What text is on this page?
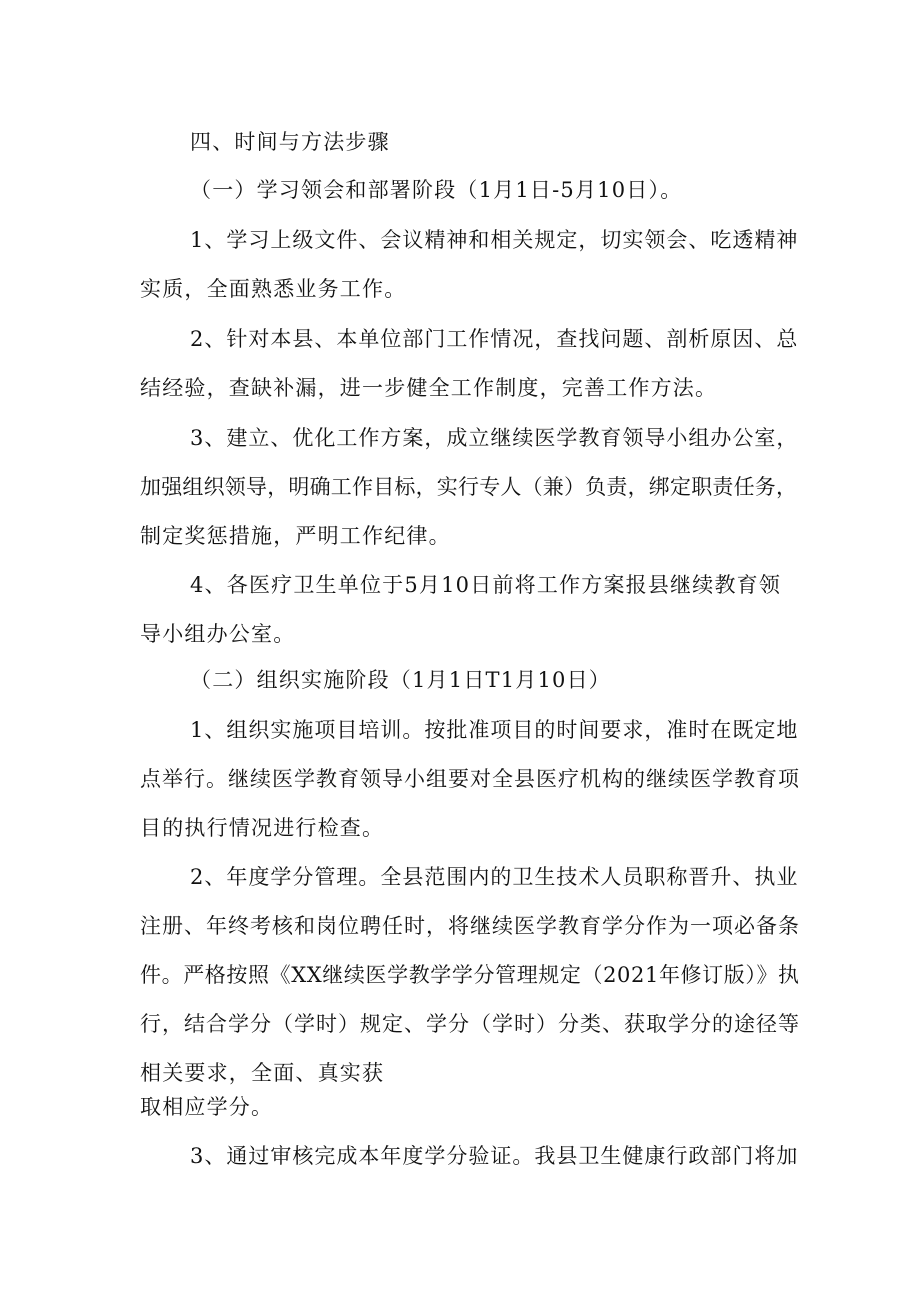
四、时间与方法步骤
（一）学习领会和部署阶段（1月1日-5月10日）。
1、学习上级文件、会议精神和相关规定，切实领会、吃透精神
实质，全面熟悉业务工作。
2、针对本县、本单位部门工作情况，查找问题、剖析原因、总
结经验，查缺补漏，进一步健全工作制度，完善工作方法。
3、建立、优化工作方案，成立继续医学教育领导小组办公室，
加强组织领导，明确工作目标，实行专人（兼）负责，绑定职责任务，
制定奖惩措施，严明工作纪律。
4、各医疗卫生单位于5月10日前将工作方案报县继续教育领
导小组办公室。
（二）组织实施阶段（1月1日T1月10日）
1、组织实施项目培训。按批准项目的时间要求，准时在既定地
点举行。继续医学教育领导小组要对全县医疗机构的继续医学教育项
目的执行情况进行检查。
2、年度学分管理。全县范围内的卫生技术人员职称晋升、执业
注册、年终考核和岗位聘任时，将继续医学教育学分作为一项必备条
件。严格按照《XX继续医学教学学分管理规定（2021年修订版）》执
行，结合学分（学时）规定、学分（学时）分类、获取学分的途径等
相关要求，全面、真实获
取相应学分。
3、通过审核完成本年度学分验证。我县卫生健康行政部门将加
